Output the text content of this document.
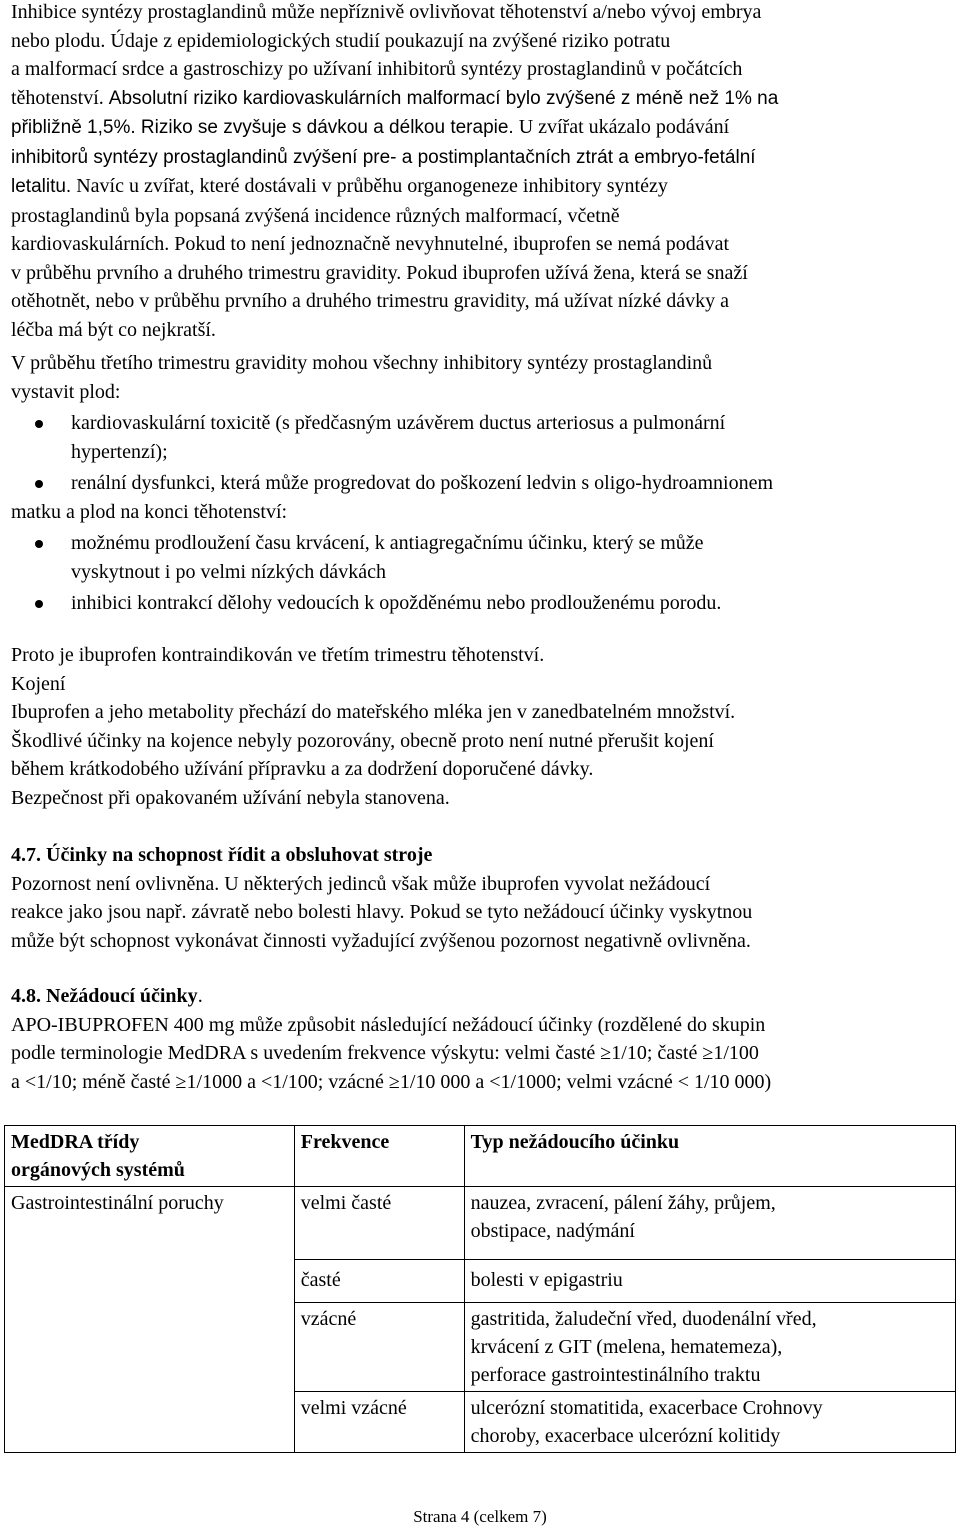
Inhibice syntézy prostaglandinů může nepříznivě ovlivňovat těhotenství a/nebo vývoj embrya

nebo plodu. Údaje z epidemiologických studií poukazují na zvýšené riziko potratu

a malformací srdce a gastroschizy po užívaní inhibitorů syntézy prostaglandinů v počátcích

těhotenství. Absolutní riziko kardiovaskulárních malformací bylo zvýšené z méně než 1% na

přibližně 1,5%. Riziko se zvyšuje s dávkou a délkou terapie. U zvířat ukázalo podávání

inhibitorů syntézy prostaglandinů zvýšení pre- a postimplantačních ztrát a embryo-fetální

letalitu. Navíc u zvířat, které dostávali v průběhu organogeneze inhibitory syntézy

prostaglandinů byla popsaná zvýšená incidence různých malformací, včetně

kardiovaskulárních. Pokud to není jednoznačně nevyhnutelné, ibuprofen se nemá podávat

v průběhu prvního a druhého trimestru gravidity. Pokud ibuprofen užívá žena, která se snaží

otěhotnět, nebo v průběhu prvního a druhého trimestru gravidity, má užívat nízké dávky a

léčba má být co nejkratší.

V průběhu třetího trimestru gravidity mohou všechny inhibitory syntézy prostaglandinů

vystavit plod:

kardiovaskulární toxicitě (s předčasným uzávěrem ductus arteriosus a pulmonární
hypertenzí);
renální dysfunkci, která může progredovat do poškození ledvin s oligo-hydroamnionem

matku a plod na konci těhotenství:

možnému prodloužení času krvácení, k antiagregačnímu účinku, který se může
vyskytnout i po velmi nízkých dávkách
inhibici kontrakcí dělohy vedoucích k opožděnému nebo prodlouženému porodu.

Proto je ibuprofen kontraindikován ve třetím trimestru těhotenství.

Kojení

Ibuprofen a jeho metabolity přechází do mateřského mléka jen v zanedbatelném množství.

Škodlivé účinky na kojence nebyly pozorovány, obecně proto není nutné přerušit kojení

během krátkodobého užívání přípravku a za dodržení doporučené dávky.

Bezpečnost při opakovaném užívání nebyla stanovena.

4.7. Účinky na schopnost řídit a obsluhovat stroje

Pozornost není ovlivněna. U některých jedinců však může ibuprofen vyvolat nežádoucí

reakce jako jsou např. závratě nebo bolesti hlavy. Pokud se tyto nežádoucí účinky vyskytnou

může být schopnost vykonávat činnosti vyžadující zvýšenou pozornost negativně ovlivněna.

4.8. Nežádoucí účinky.

APO-IBUPROFEN 400 mg může způsobit následující nežádoucí účinky (rozdělené do skupin

podle terminologie MedDRA s uvedením frekvence výskytu: velmi časté ≥1/10; časté ≥1/100

a <1/10; méně časté ≥1/1000 a <1/100; vzácné ≥1/10 000 a <1/1000; velmi vzácné < 1/10 000)

MedDRA třídy
orgánových systémů	Frekvence	Typ nežádoucího účinku
Gastrointestinální poruchy	velmi časté	nauzea, zvracení, pálení žáhy, průjem,
obstipace, nadýmání
	časté	bolesti v epigastriu
	vzácné	gastritida, žaludeční vřed, duodenální vřed,
krvácení z GIT (melena, hematemeza),
perforace gastrointestinálního traktu
	velmi vzácné	ulcerózní stomatitida, exacerbace Crohnovy
choroby, exacerbace ulcerózní kolitidy
Strana 4 (celkem 7)
